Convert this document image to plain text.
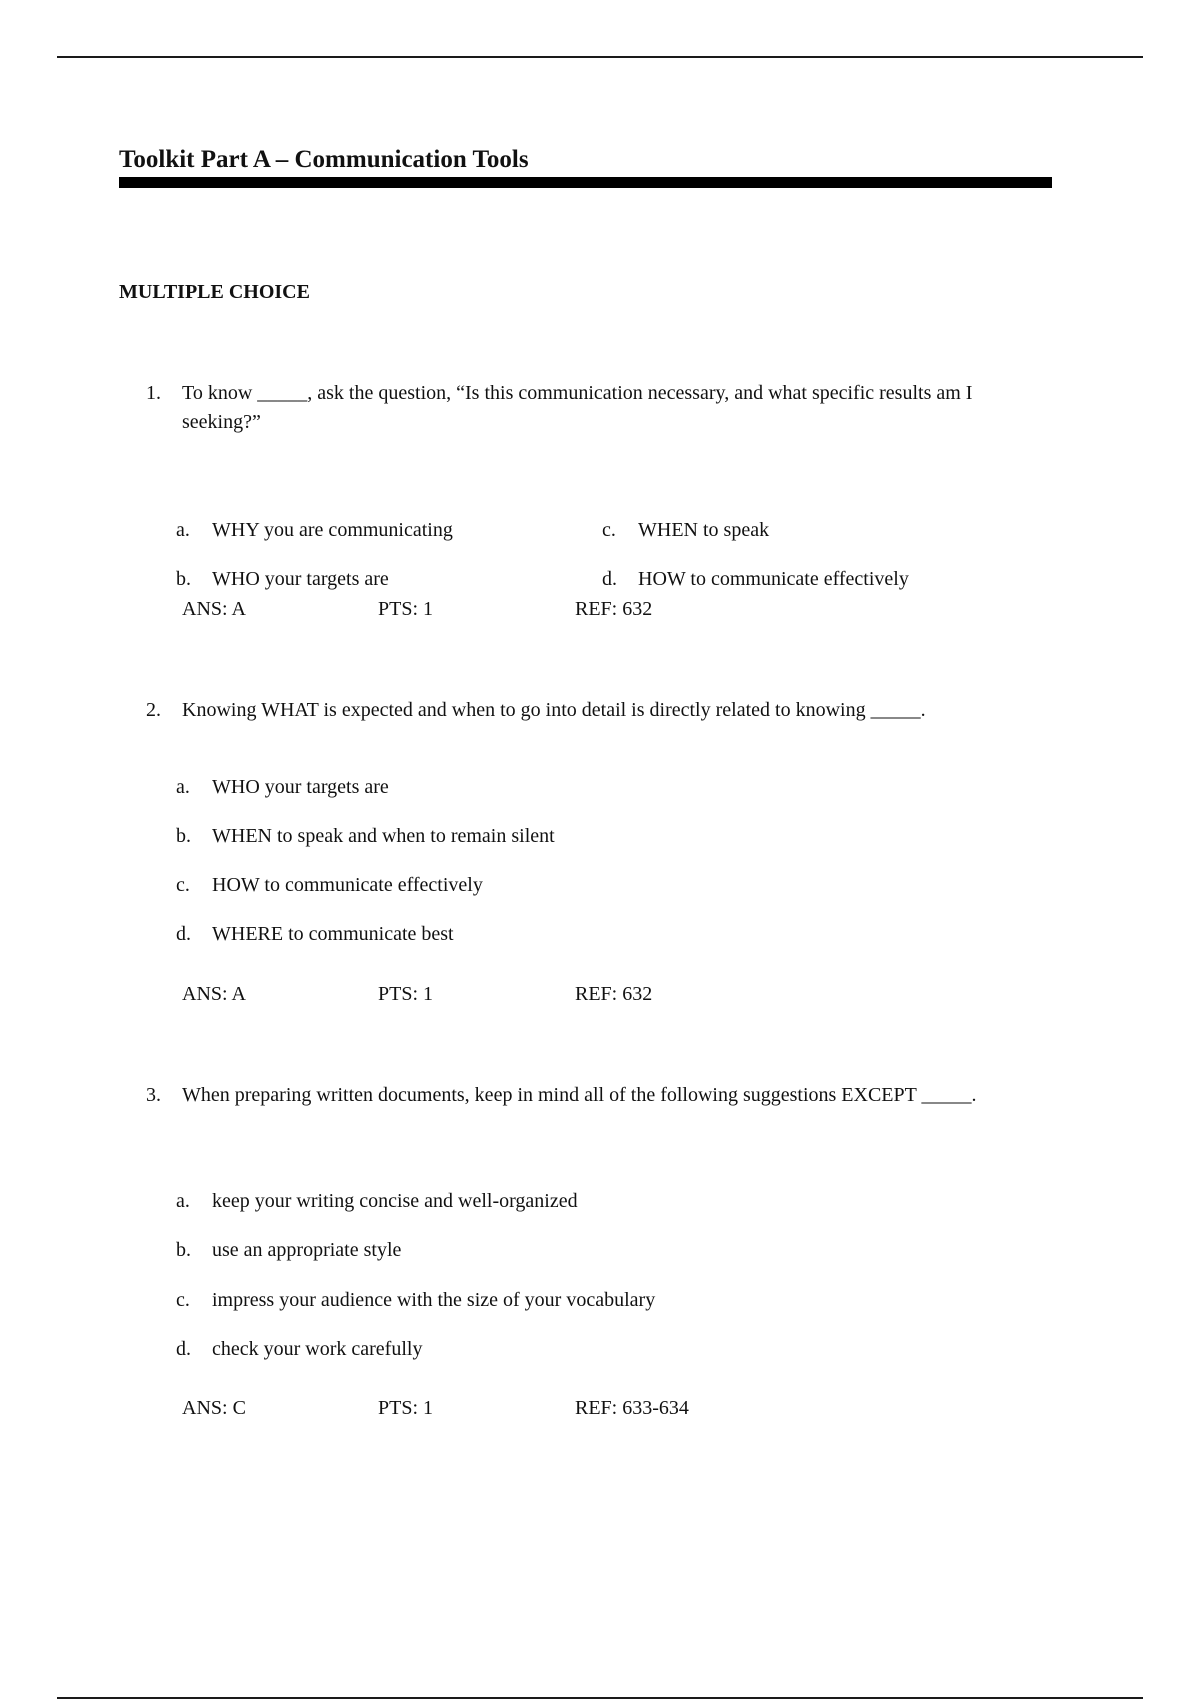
Toolkit Part A – Communication Tools
MULTIPLE CHOICE
1. To know _____, ask the question, “Is this communication necessary, and what specific results am I seeking?”
a. WHY you are communicating
b. WHO your targets are
c. WHEN to speak
d. HOW to communicate effectively
ANS: A	PTS: 1	REF: 632
2. Knowing WHAT is expected and when to go into detail is directly related to knowing _____.
a. WHO your targets are
b. WHEN to speak and when to remain silent
c. HOW to communicate effectively
d. WHERE to communicate best
ANS: A	PTS: 1	REF: 632
3. When preparing written documents, keep in mind all of the following suggestions EXCEPT _____.
a. keep your writing concise and well-organized
b. use an appropriate style
c. impress your audience with the size of your vocabulary
d. check your work carefully
ANS: C	PTS: 1	REF: 633-634
